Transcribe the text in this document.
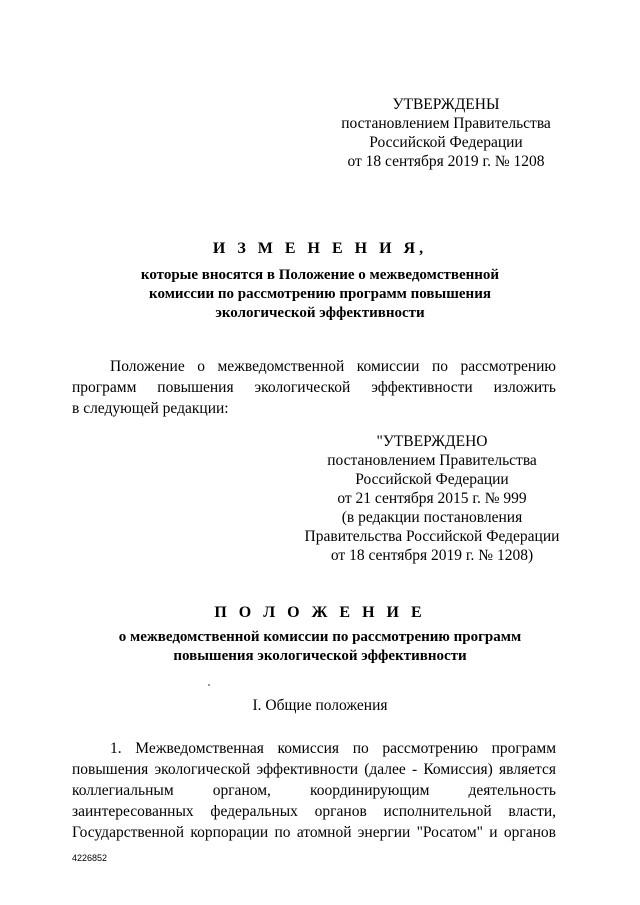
УТВЕРЖДЕНЫ
постановлением Правительства
Российской Федерации
от 18 сентября 2019 г. № 1208
И З М Е Н Е Н И Я,
которые вносятся в Положение о межведомственной
комиссии по рассмотрению программ повышения
экологической эффективности
Положение о межведомственной комиссии по рассмотрению
программ повышения экологической эффективности изложить
в следующей редакции:
"УТВЕРЖДЕНО
постановлением Правительства
Российской Федерации
от 21 сентября 2015 г. № 999
(в редакции постановления
Правительства Российской Федерации
от 18 сентября 2019 г. № 1208)
П О Л О Ж Е Н И Е
о межведомственной комиссии по рассмотрению программ
повышения экологической эффективности
I. Общие положения
1. Межведомственная комиссия по рассмотрению программ
повышения экологической эффективности (далее - Комиссия) является
коллегиальным органом, координирующим деятельность
заинтересованных федеральных органов исполнительной власти,
Государственной корпорации по атомной энергии "Росатом" и органов
4226852
